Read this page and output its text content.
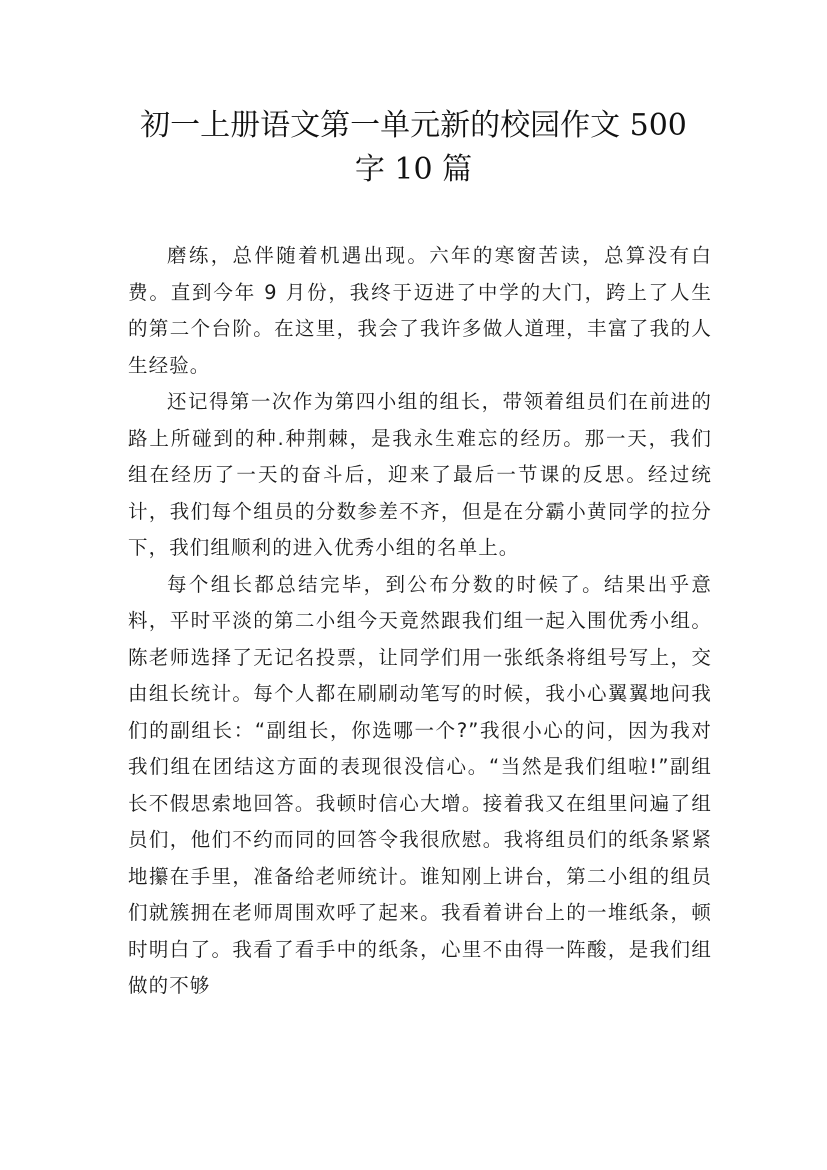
初一上册语文第一单元新的校园作文 500
字 10 篇

磨练，总伴随着机遇出现。六年的寒窗苦读，总算没有白费。直到今年 9 月份，我终于迈进了中学的大门，跨上了人生的第二个台阶。在这里，我会了我许多做人道理，丰富了我的人生经验。

还记得第一次作为第四小组的组长，带领着组员们在前进的路上所碰到的种.种荆棘，是我永生难忘的经历。那一天，我们组在经历了一天的奋斗后，迎来了最后一节课的反思。经过统计，我们每个组员的分数参差不齐，但是在分霸小黄同学的拉分下，我们组顺利的进入优秀小组的名单上。

每个组长都总结完毕，到公布分数的时候了。结果出乎意料，平时平淡的第二小组今天竟然跟我们组一起入围优秀小组。陈老师选择了无记名投票，让同学们用一张纸条将组号写上，交由组长统计。每个人都在刷刷动笔写的时候，我小心翼翼地问我们的副组长：“副组长，你选哪一个?”我很小心的问，因为我对我们组在团结这方面的表现很没信心。“当然是我们组啦!”副组长不假思索地回答。我顿时信心大增。接着我又在组里问遍了组员们，他们不约而同的回答令我很欣慰。我将组员们的纸条紧紧地攥在手里，准备给老师统计。谁知刚上讲台，第二小组的组员们就簇拥在老师周围欢呼了起来。我看着讲台上的一堆纸条，顿时明白了。我看了看手中的纸条，心里不由得一阵酸，是我们组做的不够
